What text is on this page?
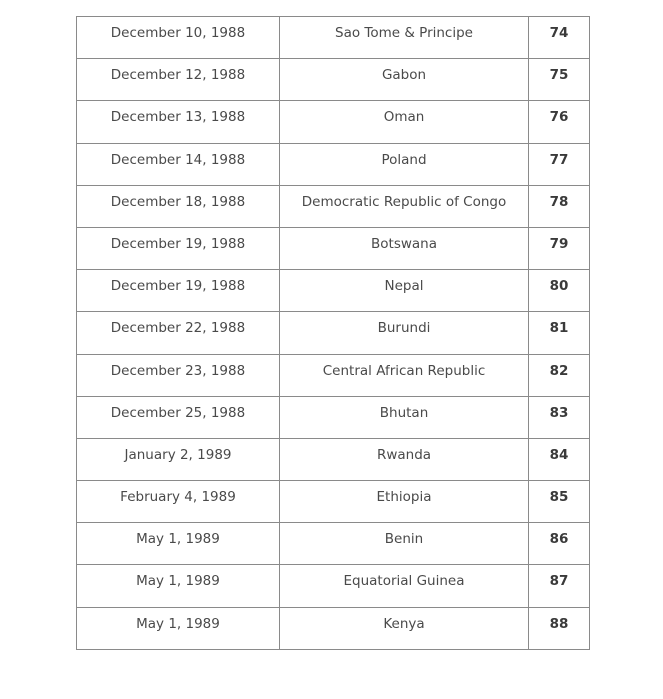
December 10, 1988	Sao Tome & Principe	74

December 12, 1988	Gabon	75

December 13, 1988	Oman	76

December 14, 1988	Poland	77

December 18, 1988	Democratic Republic of Congo	78

December 19, 1988	Botswana	79

December 19, 1988	Nepal	80

December 22, 1988	Burundi	81

December 23, 1988	Central African Republic	82

December 25, 1988	Bhutan	83

January 2, 1989	Rwanda	84

February 4, 1989	Ethiopia	85

May 1, 1989	Benin	86

May 1, 1989	Equatorial Guinea	87

May 1, 1989	Kenya	88
